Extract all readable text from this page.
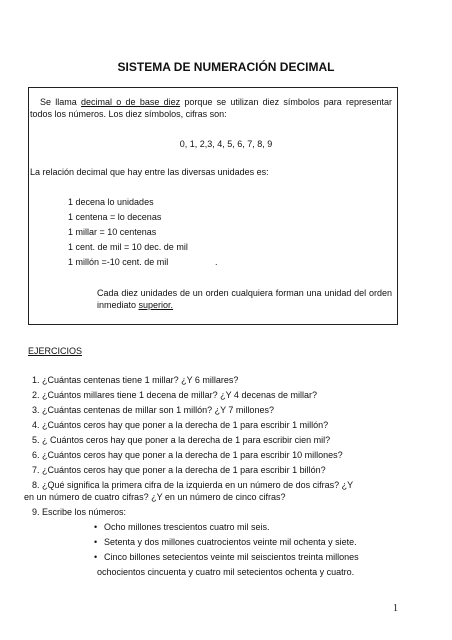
SISTEMA DE NUMERACIÓN DECIMAL
Se llama decimal o de base diez porque se utilizan diez símbolos para representar todos los números. Los diez símbolos, cifras son:
0, 1, 2,3, 4, 5, 6, 7, 8, 9
La relación decimal que hay entre las diversas unidades es:
1 decena lo unidades
1 centena = lo decenas
1 millar = 10 centenas
1 cent. de mil = 10 dec. de mil
1 millón =-10 cent. de mil	.
Cada diez unidades de un orden cualquiera forman una unidad del orden inmediato superior.
EJERCICIOS
1. ¿Cuántas centenas tiene 1 millar? ¿Y 6 millares?
2. ¿Cuántos millares tiene 1 decena de millar? ¿Y 4 decenas de millar?
3. ¿Cuántas centenas de millar son 1 millón? ¿Y 7 millones?
4. ¿Cuántos ceros hay que poner a la derecha de 1 para escribir 1 millón?
5. ¿ Cuántos ceros hay que poner a la derecha de 1 para escribir cien mil?
6. ¿Cuántos ceros hay que poner a la derecha de 1 para escribir 10 millones?
7. ¿Cuántos ceros hay que poner a la derecha de 1 para escribir 1 billón?
8. ¿Qué significa la primera cifra de la izquierda en un número de dos cifras? ¿Y
en un número de cuatro cifras? ¿Y en un número de cinco cifras?
9. Escribe los números:
• Ocho millones trescientos cuatro mil seis.
• Setenta y dos millones cuatrocientos veinte mil ochenta y siete.
• Cinco billones setecientos veinte mil seiscientos treinta millones
ochocientos cincuenta y cuatro mil setecientos ochenta y cuatro.
1
